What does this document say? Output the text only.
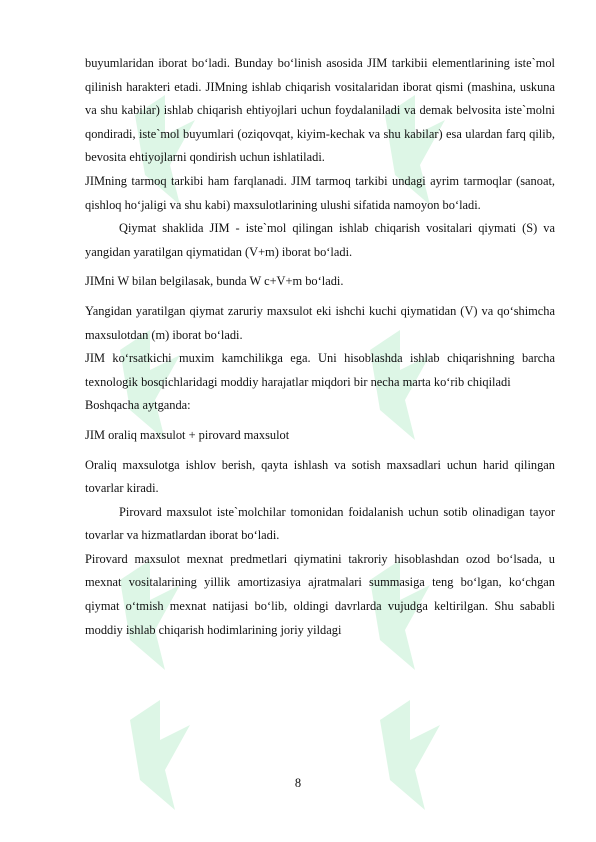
buyumlaridan iborat bo‘ladi. Bunday bo‘linish asosida JIM tarkibii elementlarining iste`mol qilinish harakteri etadi. JIMning ishlab chiqarish vositalaridan iborat qismi (mashina, uskuna va shu kabilar) ishlab chiqarish ehtiyojlari uchun foydalaniladi va demak belvosita iste`molni qondiradi, iste`mol buyumlari (oziqovqat, kiyim-kechak va shu kabilar) esa ulardan farq qilib, bevosita ehtiyojlarni qondirish uchun ishlatiladi.

JIMning tarmoq tarkibi ham farqlanadi. JIM tarmoq tarkibi undagi ayrim tarmoqlar (sanoat, qishloq ho‘jaligi va shu kabi) maxsulotlarining ulushi sifatida namoyon bo‘ladi.

Qiymat shaklida JIM - iste`mol qilingan ishlab chiqarish vositalari qiymati (S) va yangidan yaratilgan qiymatidan (V+m) iborat bo‘ladi.

JIMni W bilan belgilasak, bunda W c+V+m bo‘ladi.

Yangidan yaratilgan qiymat zaruriy maxsulot eki ishchi kuchi qiymatidan (V) va qo‘shimcha maxsulotdan (m) iborat bo‘ladi.

JIM ko‘rsatkichi muxim kamchilikga ega. Uni hisoblashda ishlab chiqarishning barcha texnologik bosqichlaridagi moddiy harajatlar miqdori bir necha marta ko‘rib chiqiladi

Boshqacha aytganda:

JIM oraliq maxsulot + pirovard maxsulot

Oraliq maxsulotga ishlov berish, qayta ishlash va sotish maxsadlari uchun harid qilingan tovarlar kiradi.

Pirovard maxsulot iste`molchilar tomonidan foidalanish uchun sotib olinadigan tayor tovarlar va hizmatlardan iborat bo‘ladi.

Pirovard maxsulot mexnat predmetlari qiymatini takroriy hisoblashdan ozod bo‘lsada, u mexnat vositalarining yillik amortizasiya ajratmalari summasiga teng bo‘lgan, ko‘chgan qiymat o‘tmish mexnat natijasi bo‘lib, oldingi davrlarda vujudga keltirilgan. Shu sababli moddiy ishlab chiqarish hodimlarining joriy yildagi

8
